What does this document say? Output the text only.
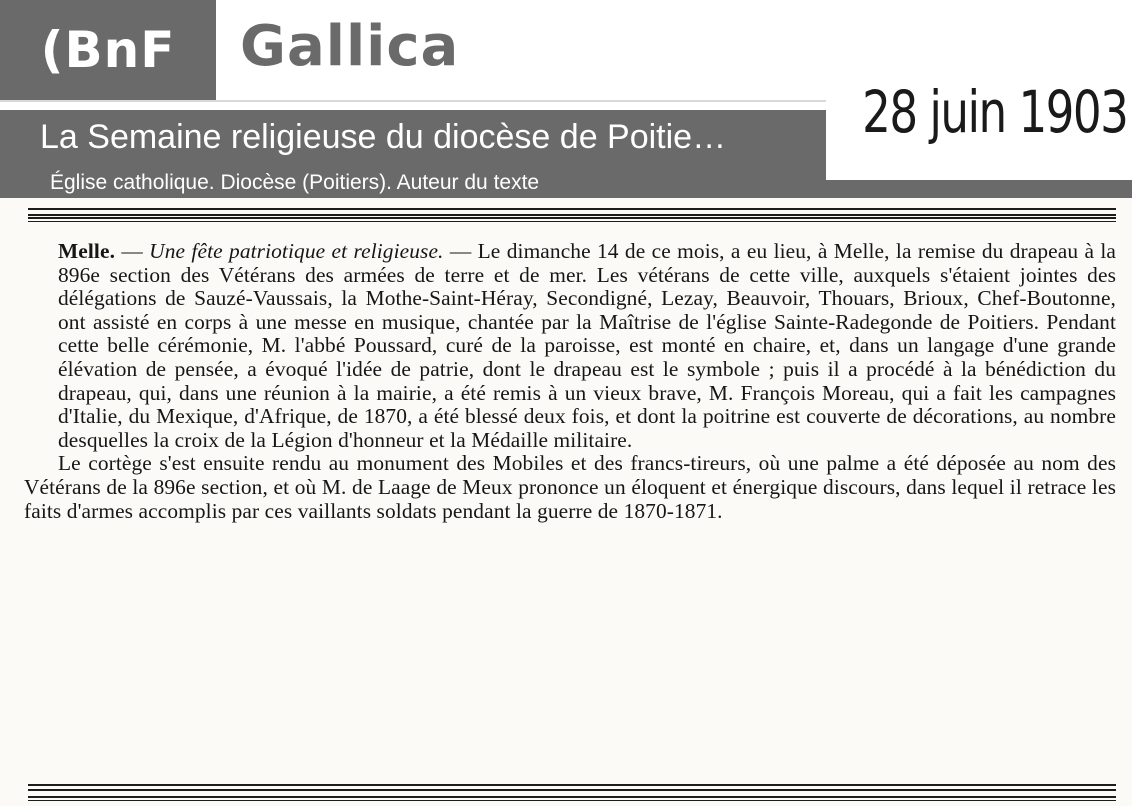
(BnF	Gallica
La Semaine religieuse du diocèse de Poitie…
Église catholique. Diocèse (Poitiers). Auteur du texte
28 juin 1903

Melle. — Une fête patriotique et religieuse. — Le dimanche 14 de ce mois, a eu lieu, à Melle, la remise du drapeau à la 896e section des Vétérans des armées de terre et de mer. Les vétérans de cette ville, auxquels s'étaient jointes des délégations de Sauzé-Vaussais, la Mothe-Saint-Héray, Secondigné, Lezay, Beauvoir, Thouars, Brioux, Chef-Boutonne, ont assisté en corps à une messe en musique, chantée par la Maîtrise de l'église Sainte-Radegonde de Poitiers. Pendant cette belle cérémonie, M. l'abbé Poussard, curé de la paroisse, est monté en chaire, et, dans un langage d'une grande élévation de pensée, a évoqué l'idée de patrie, dont le drapeau est le symbole ; puis il a procédé à la bénédiction du drapeau, qui, dans une réunion à la mairie, a été remis à un vieux brave, M. François Moreau, qui a fait les campagnes d'Italie, du Mexique, d'Afrique, de 1870, a été blessé deux fois, et dont la poitrine est couverte de décorations, au nombre desquelles la croix de la Légion d'honneur et la Médaille militaire.

Le cortège s'est ensuite rendu au monument des Mobiles et des francs-tireurs, où une palme a été déposée au nom des Vétérans de la 896e section, et où M. de Laage de Meux prononce un éloquent et énergique discours, dans lequel il retrace les faits d'armes accomplis par ces vaillants soldats pendant la guerre de 1870-1871.
